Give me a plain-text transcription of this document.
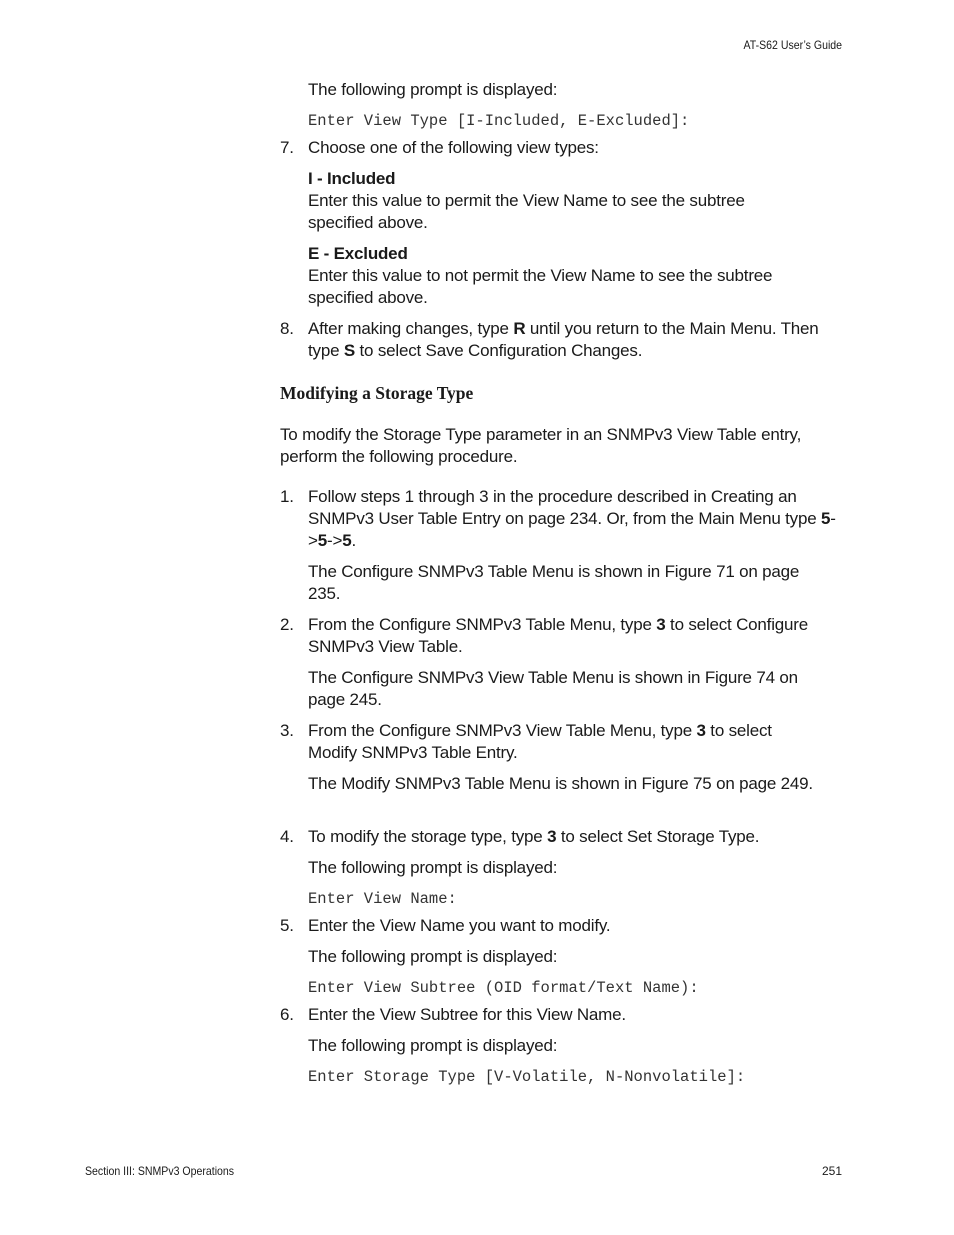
AT-S62 User’s Guide
The following prompt is displayed:
Enter View Type [I-Included, E-Excluded]:
7. Choose one of the following view types:
I - Included
Enter this value to permit the View Name to see the subtree specified above.
E - Excluded
Enter this value to not permit the View Name to see the subtree specified above.
8. After making changes, type R until you return to the Main Menu. Then type S to select Save Configuration Changes.
Modifying a Storage Type
To modify the Storage Type parameter in an SNMPv3 View Table entry, perform the following procedure.
1. Follow steps 1 through 3 in the procedure described in Creating an SNMPv3 User Table Entry on page 234. Or, from the Main Menu type 5->5->5.
The Configure SNMPv3 Table Menu is shown in Figure 71 on page 235.
2. From the Configure SNMPv3 Table Menu, type 3 to select Configure SNMPv3 View Table.
The Configure SNMPv3 View Table Menu is shown in Figure 74 on page 245.
3. From the Configure SNMPv3 View Table Menu, type 3 to select Modify SNMPv3 Table Entry.
The Modify SNMPv3 Table Menu is shown in Figure 75 on page 249.
4. To modify the storage type, type 3 to select Set Storage Type.
The following prompt is displayed:
Enter View Name:
5. Enter the View Name you want to modify.
The following prompt is displayed:
Enter View Subtree (OID format/Text Name):
6. Enter the View Subtree for this View Name.
The following prompt is displayed:
Enter Storage Type [V-Volatile, N-Nonvolatile]:
Section III: SNMPv3 Operations	251
